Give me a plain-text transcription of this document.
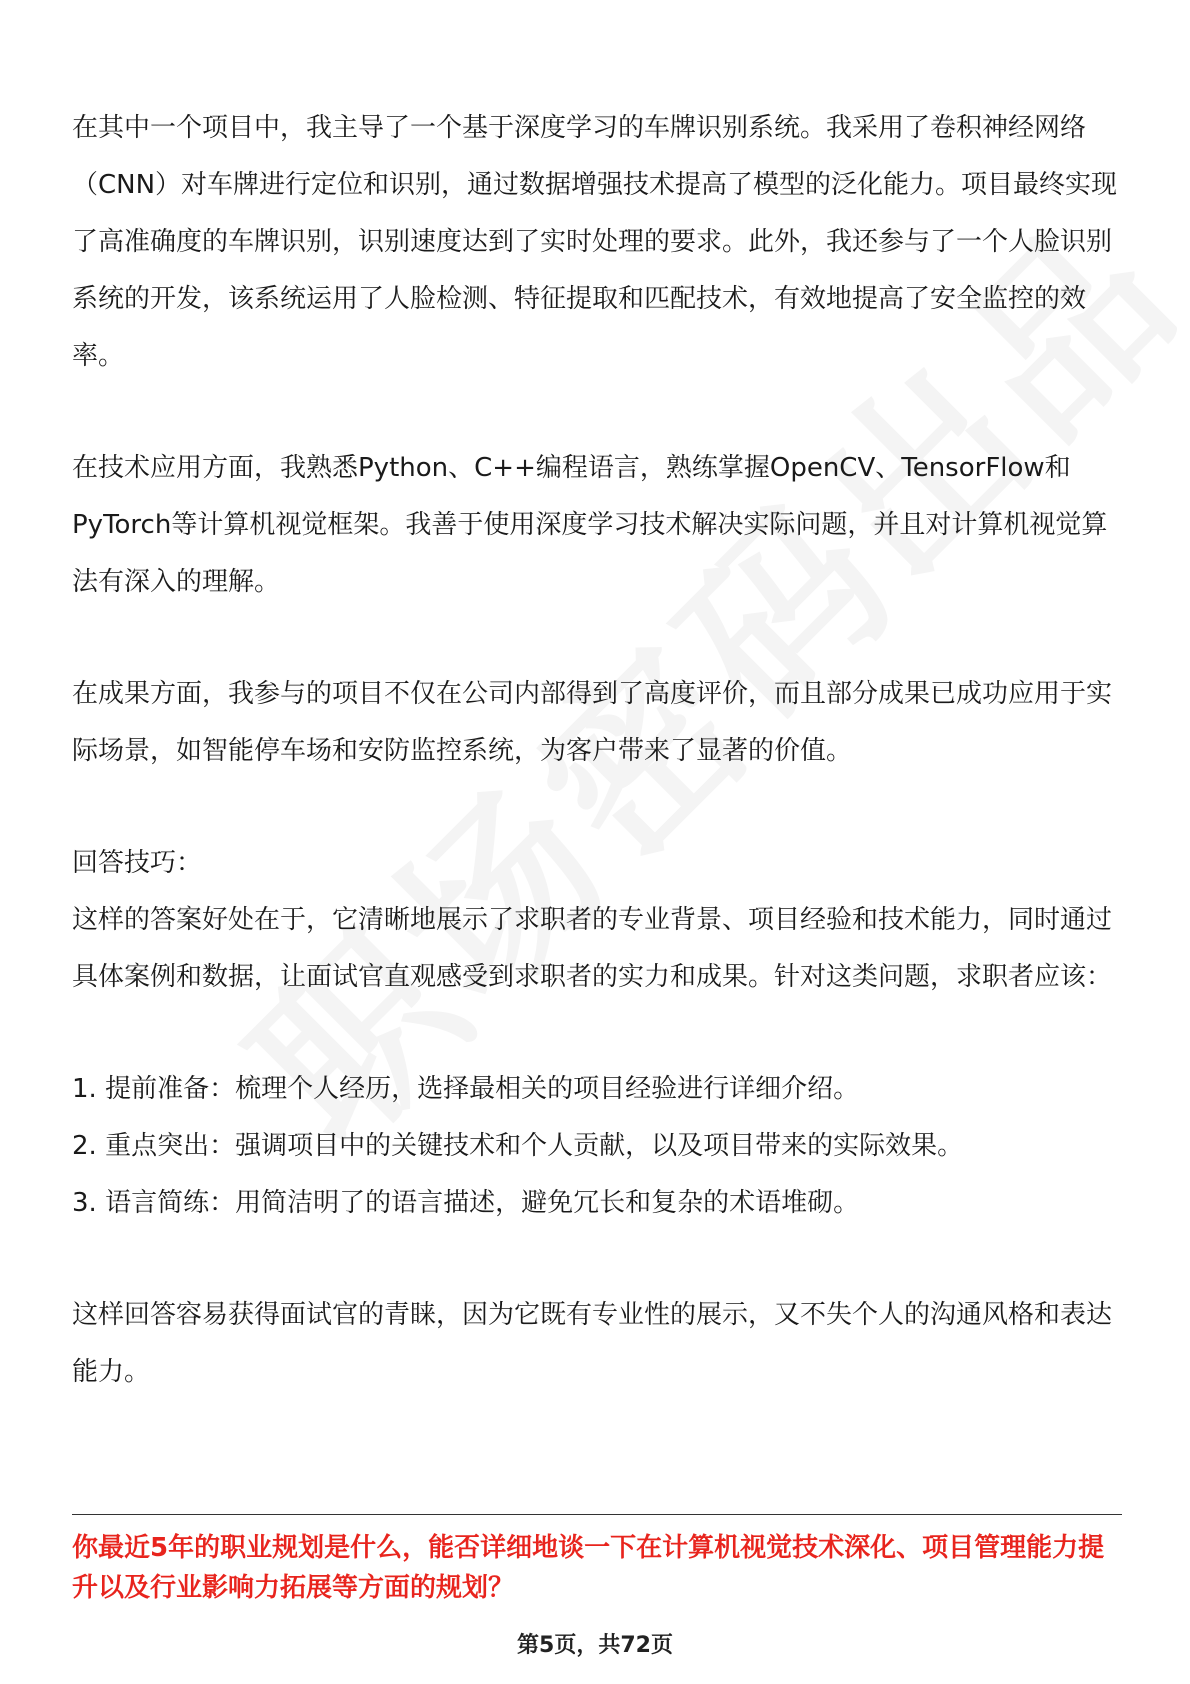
在其中一个项目中，我主导了一个基于深度学习的车牌识别系统。我采用了卷积神经网络（CNN）对车牌进行定位和识别，通过数据增强技术提高了模型的泛化能力。项目最终实现了高准确度的车牌识别，识别速度达到了实时处理的要求。此外，我还参与了一个人脸识别系统的开发，该系统运用了人脸检测、特征提取和匹配技术，有效地提高了安全监控的效率。

在技术应用方面，我熟悉Python、C++编程语言，熟练掌握OpenCV、TensorFlow和PyTorch等计算机视觉框架。我善于使用深度学习技术解决实际问题，并且对计算机视觉算法有深入的理解。

在成果方面，我参与的项目不仅在公司内部得到了高度评价，而且部分成果已成功应用于实际场景，如智能停车场和安防监控系统，为客户带来了显著的价值。

回答技巧：

这样的答案好处在于，它清晰地展示了求职者的专业背景、项目经验和技术能力，同时通过具体案例和数据，让面试官直观感受到求职者的实力和成果。针对这类问题，求职者应该：

1. 提前准备：梳理个人经历，选择最相关的项目经验进行详细介绍。

2. 重点突出：强调项目中的关键技术和个人贡献，以及项目带来的实际效果。

3. 语言简练：用简洁明了的语言描述，避免冗长和复杂的术语堆砌。

这样回答容易获得面试官的青睐，因为它既有专业性的展示，又不失个人的沟通风格和表达能力。

你最近5年的职业规划是什么，能否详细地谈一下在计算机视觉技术深化、项目管理能力提升以及行业影响力拓展等方面的规划？

第5页，共72页
